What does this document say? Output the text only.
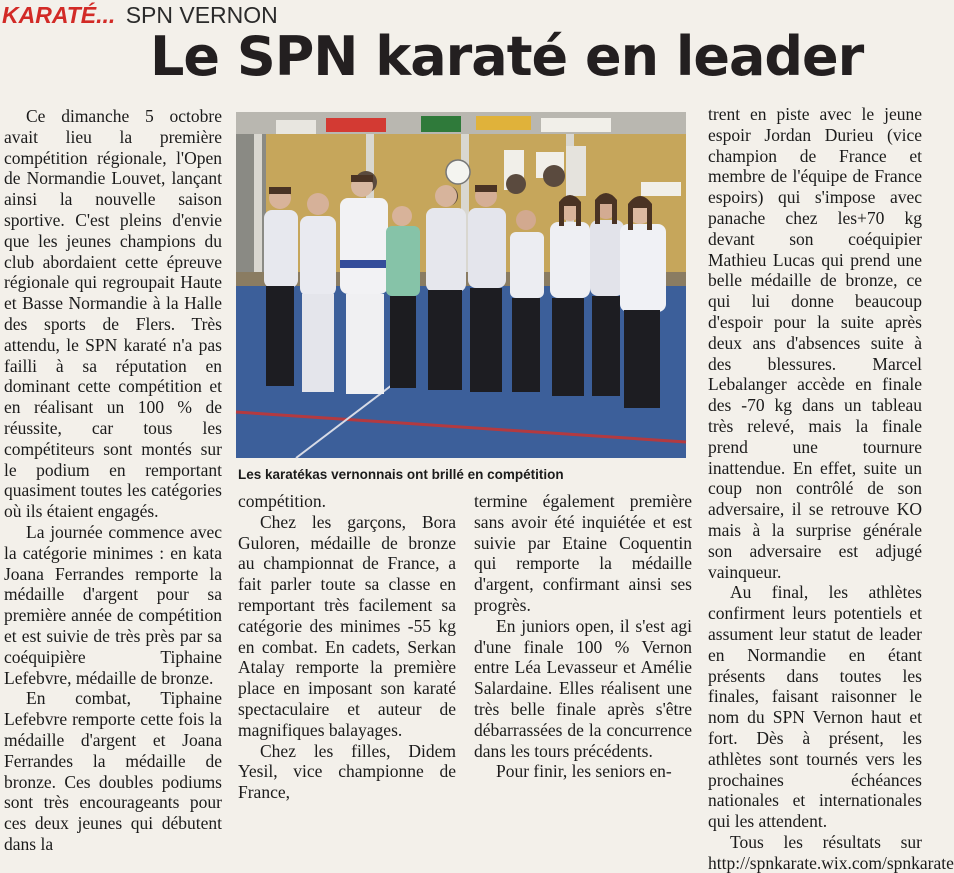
KARATÉ... SPN VERNON
Le SPN karaté en leader

Ce dimanche 5 octobre avait lieu la première compétition régionale, l'Open de Normandie Louvet, lançant ainsi la nouvelle saison sportive. C'est pleins d'envie que les jeunes champions du club abordaient cette épreuve régionale qui regroupait Haute et Basse Normandie à la Halle des sports de Flers. Très attendu, le SPN karaté n'a pas failli à sa réputation en dominant cette compétition et en réalisant un 100 % de réussite, car tous les compétiteurs sont montés sur le podium en remportant quasiment toutes les catégories où ils étaient engagés.

La journée commence avec la catégorie minimes : en kata Joana Ferrandes remporte la médaille d'argent pour sa première année de compétition et est suivie de très près par sa coéquipière Tiphaine Lefebvre, médaille de bronze.

En combat, Tiphaine Lefebvre remporte cette fois la médaille d'argent et Joana Ferrandes la médaille de bronze. Ces doubles podiums sont très encourageants pour ces deux jeunes qui débutent dans la

Les karatékas vernonnais ont brillé en compétition

compétition.

Chez les garçons, Bora Guloren, médaille de bronze au championnat de France, a fait parler toute sa classe en remportant très facilement sa catégorie des minimes -55 kg en combat. En cadets, Serkan Atalay remporte la première place en imposant son karaté spectaculaire et auteur de magnifiques balayages.

Chez les filles, Didem Yesil, vice championne de France,

termine également première sans avoir été inquiétée et est suivie par Etaine Coquentin qui remporte la médaille d'argent, confirmant ainsi ses progrès.

En juniors open, il s'est agi d'une finale 100 % Vernon entre Léa Levasseur et Amélie Salardaine. Elles réalisent une très belle finale après s'être débarrassées de la concurrence dans les tours précédents.

Pour finir, les seniors en-

trent en piste avec le jeune espoir Jordan Durieu (vice champion de France et membre de l'équipe de France espoirs) qui s'impose avec panache chez les+70 kg devant son coéquipier Mathieu Lucas qui prend une belle médaille de bronze, ce qui lui donne beaucoup d'espoir pour la suite après deux ans d'absences suite à des blessures. Marcel Lebalanger accède en finale des -70 kg dans un tableau très relevé, mais la finale prend une tournure inattendue. En effet, suite un coup non contrôlé de son adversaire, il se retrouve KO mais à la surprise générale son adversaire est adjugé vainqueur.

Au final, les athlètes confirment leurs potentiels et assument leur statut de leader en Normandie en étant présents dans toutes les finales, faisant raisonner le nom du SPN Vernon haut et fort. Dès à présent, les athlètes sont tournés vers les prochaines échéances nationales et internationales qui les attendent.

Tous les résultats sur http://spnkarate.wix.com/spnkarate
